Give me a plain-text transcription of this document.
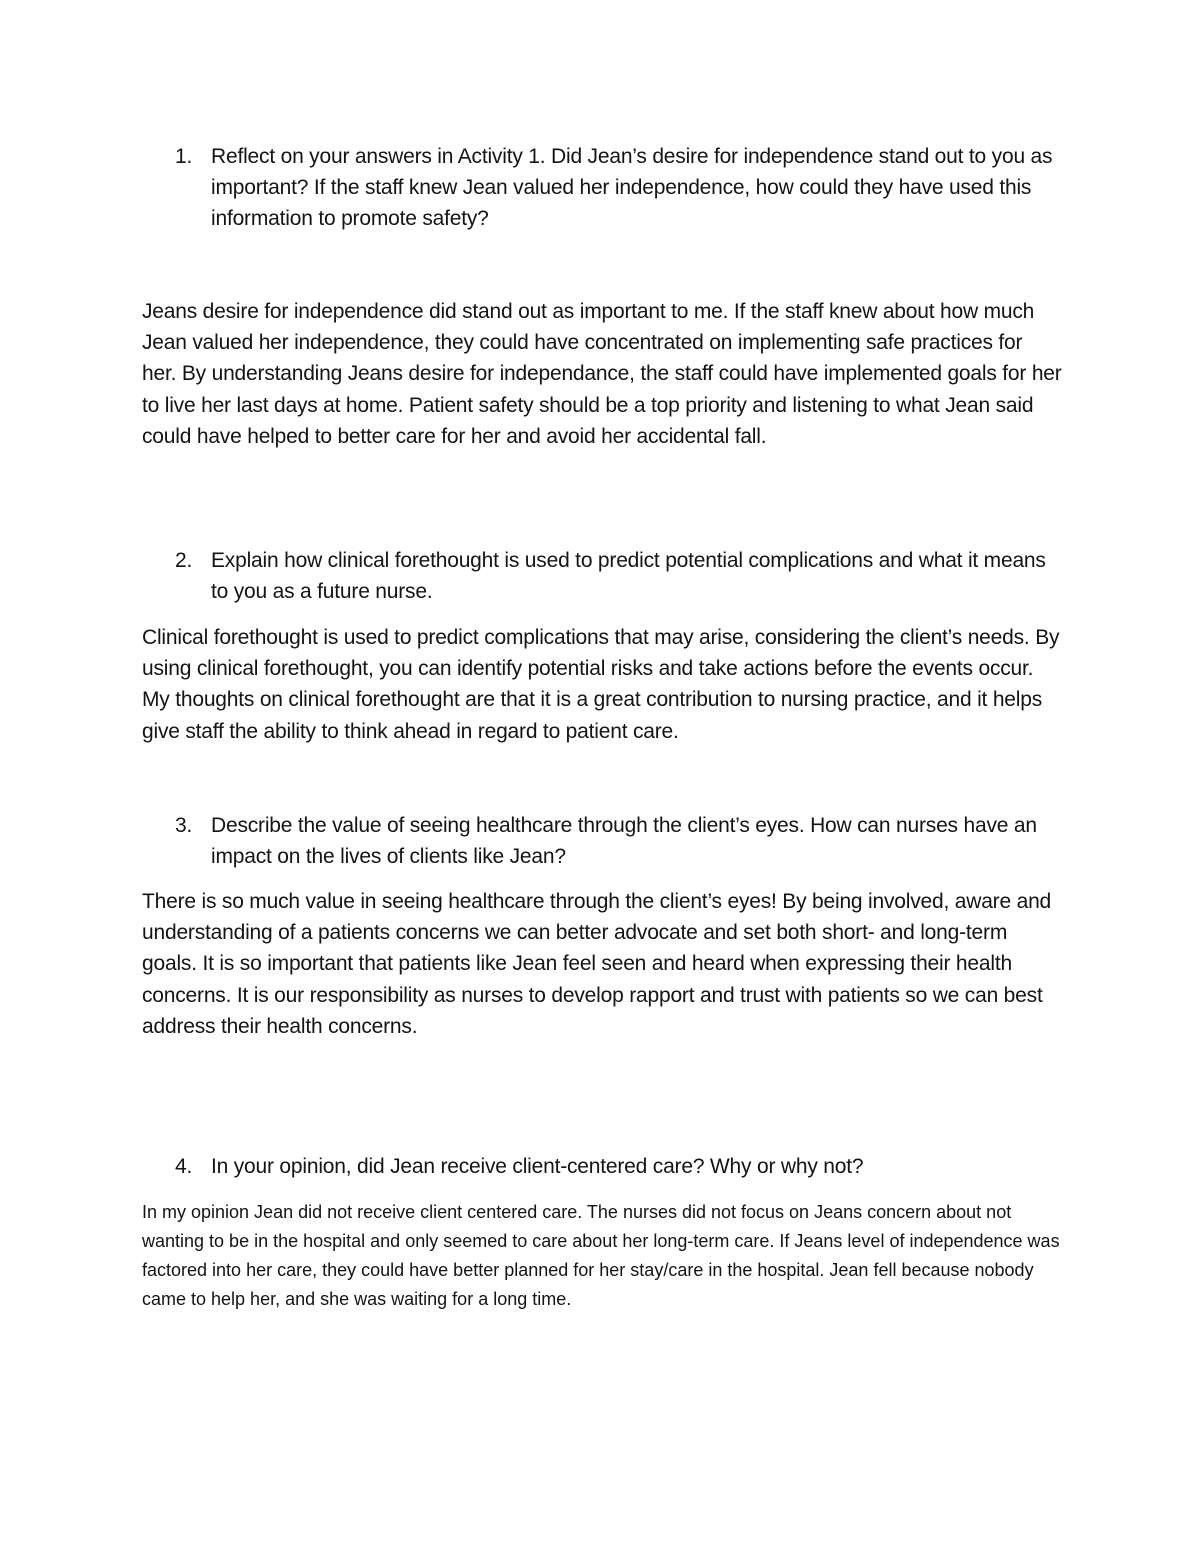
1. Reflect on your answers in Activity 1. Did Jean’s desire for independence stand out to you as important? If the staff knew Jean valued her independence, how could they have used this information to promote safety?
Jeans desire for independence did stand out as important to me. If the staff knew about how much Jean valued her independence, they could have concentrated on implementing safe practices for her. By understanding Jeans desire for independance, the staff could have implemented goals for her to live her last days at home. Patient safety should be a top priority and listening to what Jean said could have helped to better care for her and avoid her accidental fall.
2. Explain how clinical forethought is used to predict potential complications and what it means to you as a future nurse.
Clinical forethought is used to predict complications that may arise, considering the client’s needs. By using clinical forethought, you can identify potential risks and take actions before the events occur. My thoughts on clinical forethought are that it is a great contribution to nursing practice, and it helps give staff the ability to think ahead in regard to patient care.
3. Describe the value of seeing healthcare through the client’s eyes. How can nurses have an impact on the lives of clients like Jean?
There is so much value in seeing healthcare through the client’s eyes! By being involved, aware and understanding of a patients concerns we can better advocate and set both short- and long-term goals. It is so important that patients like Jean feel seen and heard when expressing their health concerns. It is our responsibility as nurses to develop rapport and trust with patients so we can best address their health concerns.
4. In your opinion, did Jean receive client-centered care? Why or why not?
In my opinion Jean did not receive client centered care. The nurses did not focus on Jeans concern about not wanting to be in the hospital and only seemed to care about her long-term care. If Jeans level of independence was factored into her care, they could have better planned for her stay/care in the hospital. Jean fell because nobody came to help her, and she was waiting for a long time.
